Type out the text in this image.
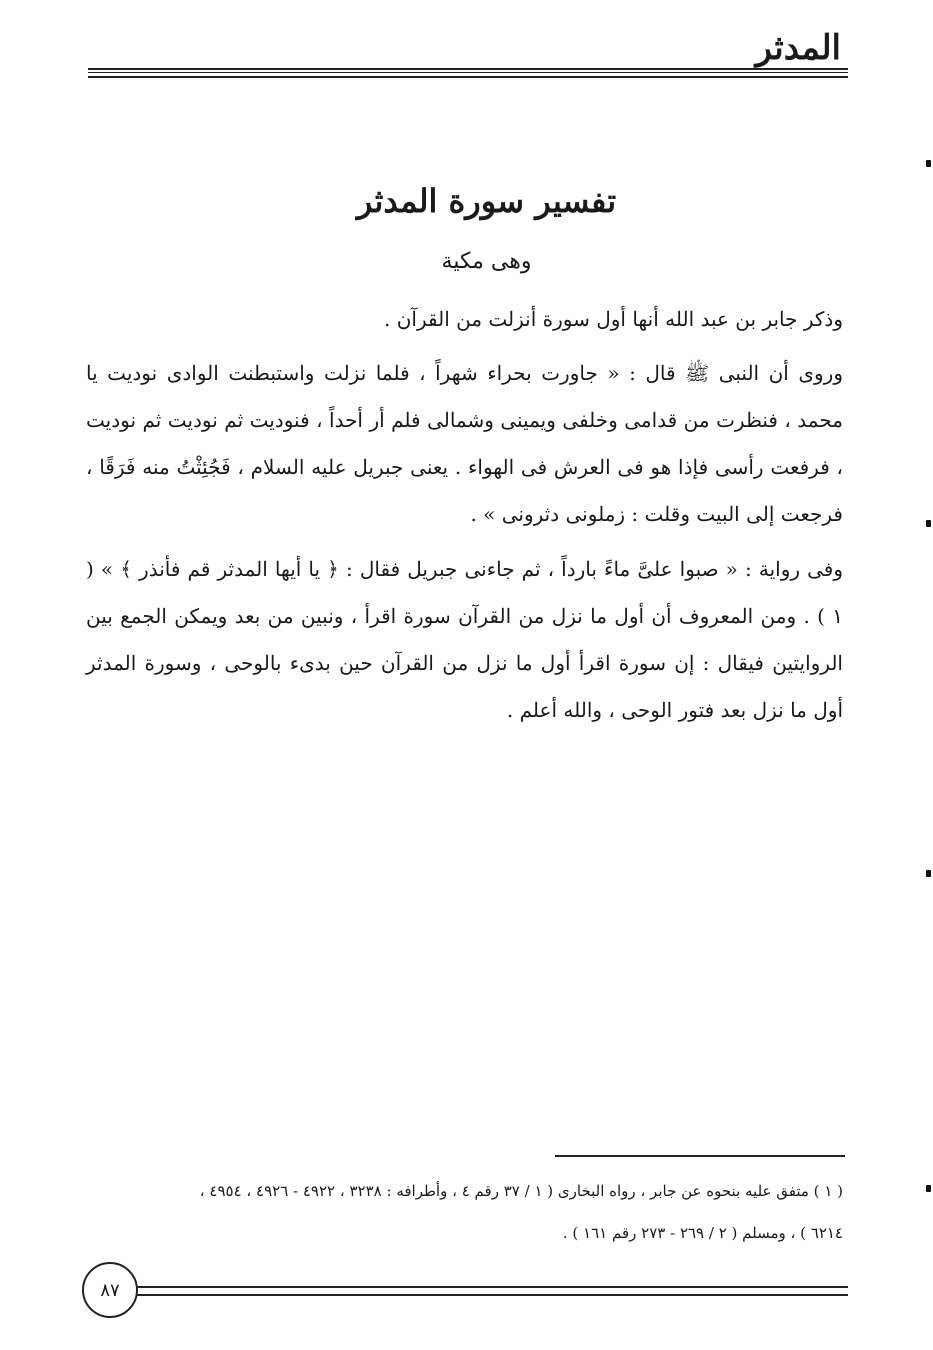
المدثر
تفسير سورة المدثر
وهى مكية

وذكر جابر بن عبد الله أنها أول سورة أنزلت من القرآن .

وروى أن النبى ﷺ قال : « جاورت بحراء شهراً ، فلما نزلت واستبطنت الوادى نوديت يا محمد ، فنظرت من قدامى وخلفى ويمينى وشمالى فلم أر أحداً ، فنوديت ثم نوديت ثم نوديت ، فرفعت رأسى فإذا هو فى العرش فى الهواء . يعنى جبريل عليه السلام ، فَجُئِثْتُ منه فَرَقًا ، فرجعت إلى البيت وقلت : زملونى دثرونى » .

وفى رواية : « صبوا علىَّ ماءً بارداً ، ثم جاءنى جبريل فقال : ﴿ يا أيها المدثر قم فأنذر ﴾ » ( ١ ) . ومن المعروف أن أول ما نزل من القرآن سورة اقرأ ، ونبين من بعد ويمكن الجمع بين الروايتين فيقال : إن سورة اقرأ أول ما نزل من القرآن حين بدىء بالوحى ، وسورة المدثر أول ما نزل بعد فتور الوحى ، والله أعلم .

( ١ ) متفق عليه بنحوه عن جابر ، رواه البخارى ( ١ / ٣٧ رقم ٤ ، وأطرافه : ٣٢٣٨ ، ٤٩٢٢ - ٤٩٢٦ ، ٤٩٥٤ ،

٦٢١٤ ) ، ومسلم ( ٢ / ٢٦٩ - ٢٧٣ رقم ١٦١ ) .

٨٧
